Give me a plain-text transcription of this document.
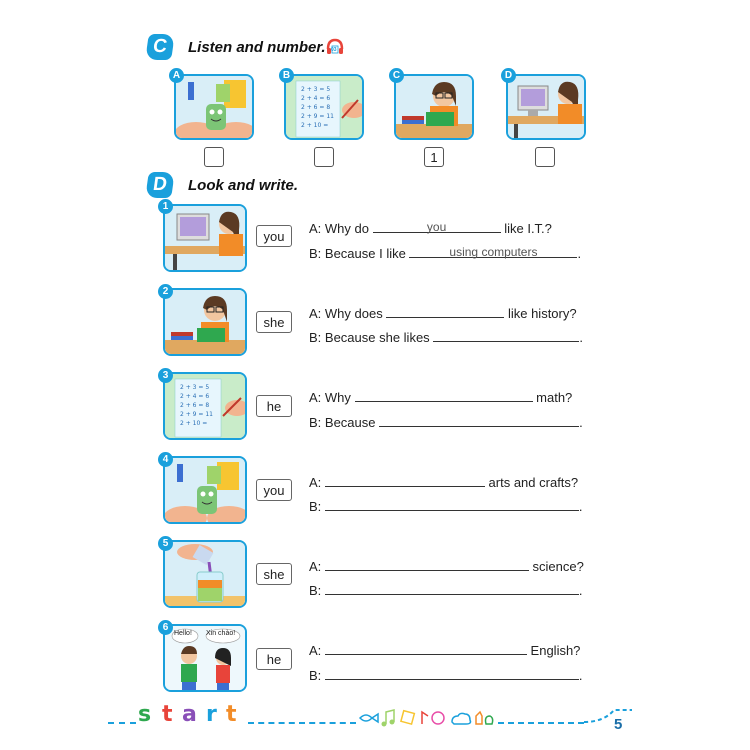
C Listen and number. 03
A
2 + 3 = 5
2 + 4 = 6
2 + 6 = 8
2 + 9 = 11
2 + 10 =
B	C
1
D
D Look and write.
1
you	A: Why do	you	like I.T.?
B: Because I like	using computers	.
2
she
A: Why does	like history?
B: Because she likes	.
2 + 3 = 5
2 + 4 = 6
2 + 6 = 8
2 + 9 = 11
2 + 10 =
3
he
A: Why	math?
B: Because	.
4
you	A:	arts and crafts?
B:	.
5
she	A:	science?
B:	.
Hello! Xin chào!
6
he
A:	English?
B:	.
s t a r t	5
